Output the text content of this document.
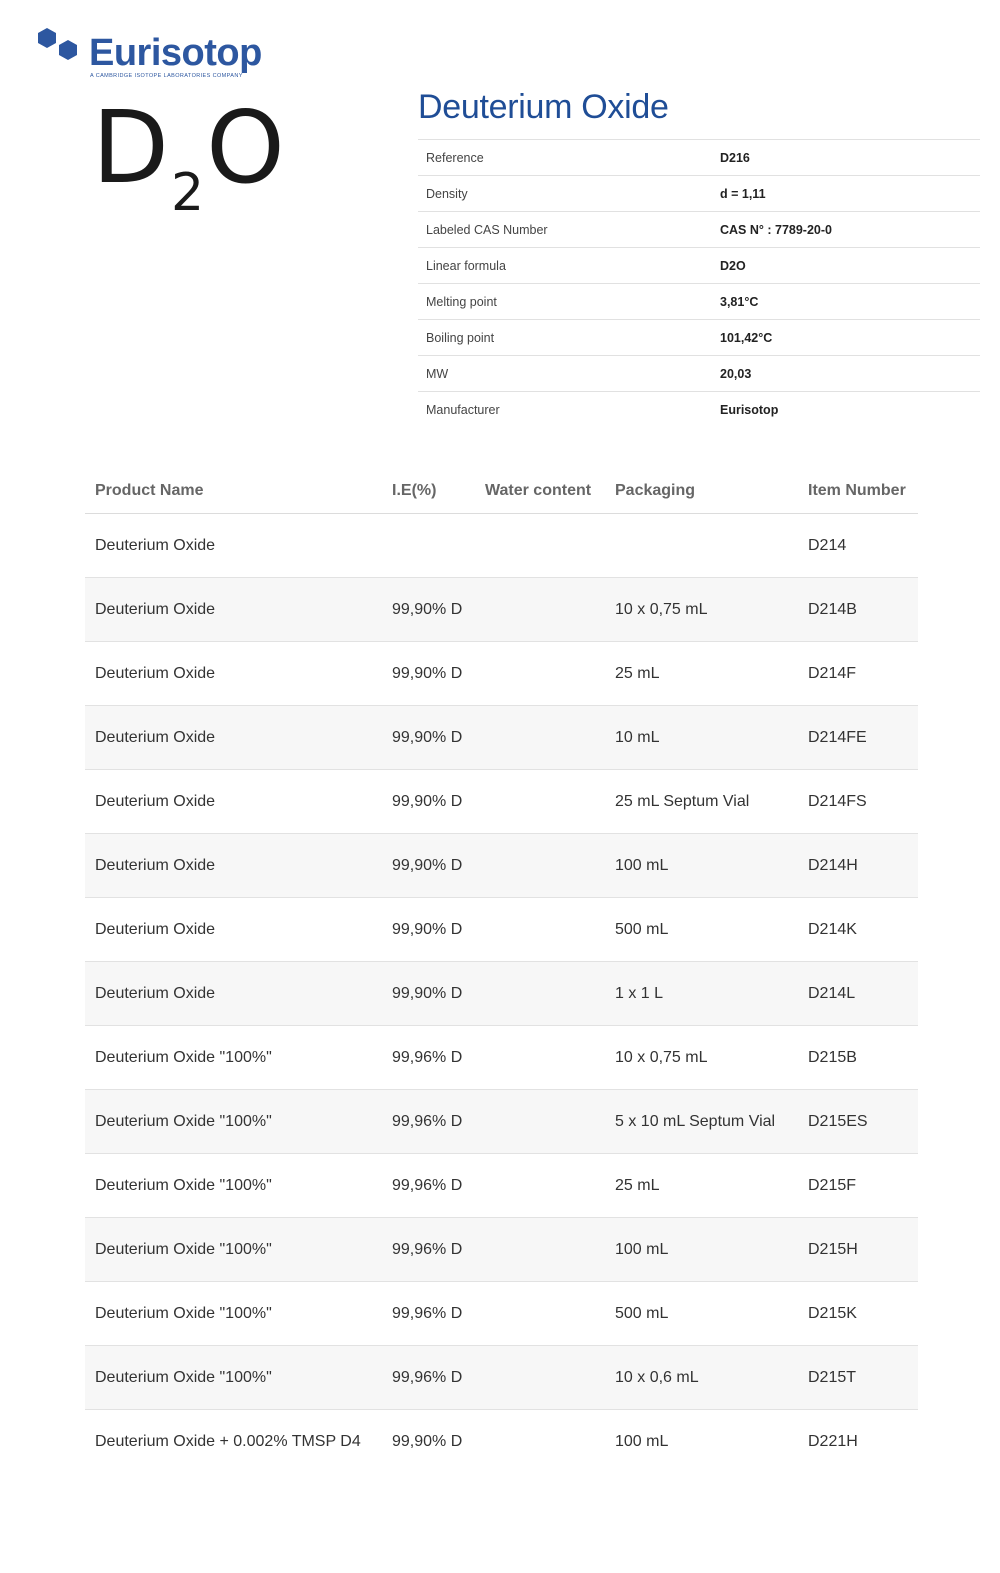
Eurisotop
A CAMBRIDGE ISOTOPE LABORATORIES COMPANY
$D_2O$	Deuterium Oxide
Reference	D216
Density	d = 1,11
Labeled CAS Number	CAS N° : 7789-20-0
Linear formula	D2O
Melting point	3,81°C
Boiling point	101,42°C
MW	20,03
Manufacturer	Eurisotop
Product Name	I.E(%)	Water content	Packaging	Item Number
Deuterium Oxide				D214
Deuterium Oxide	99,90% D		10 x 0,75 mL	D214B
Deuterium Oxide	99,90% D		25 mL	D214F
Deuterium Oxide	99,90% D		10 mL	D214FE
Deuterium Oxide	99,90% D		25 mL Septum Vial	D214FS
Deuterium Oxide	99,90% D		100 mL	D214H
Deuterium Oxide	99,90% D		500 mL	D214K
Deuterium Oxide	99,90% D		1 x 1 L	D214L
Deuterium Oxide "100%"	99,96% D		10 x 0,75 mL	D215B
Deuterium Oxide "100%"	99,96% D		5 x 10 mL Septum Vial	D215ES
Deuterium Oxide "100%"	99,96% D		25 mL	D215F
Deuterium Oxide "100%"	99,96% D		100 mL	D215H
Deuterium Oxide "100%"	99,96% D		500 mL	D215K
Deuterium Oxide "100%"	99,96% D		10 x 0,6 mL	D215T
Deuterium Oxide + 0.002% TMSP D4	99,90% D		100 mL	D221H
